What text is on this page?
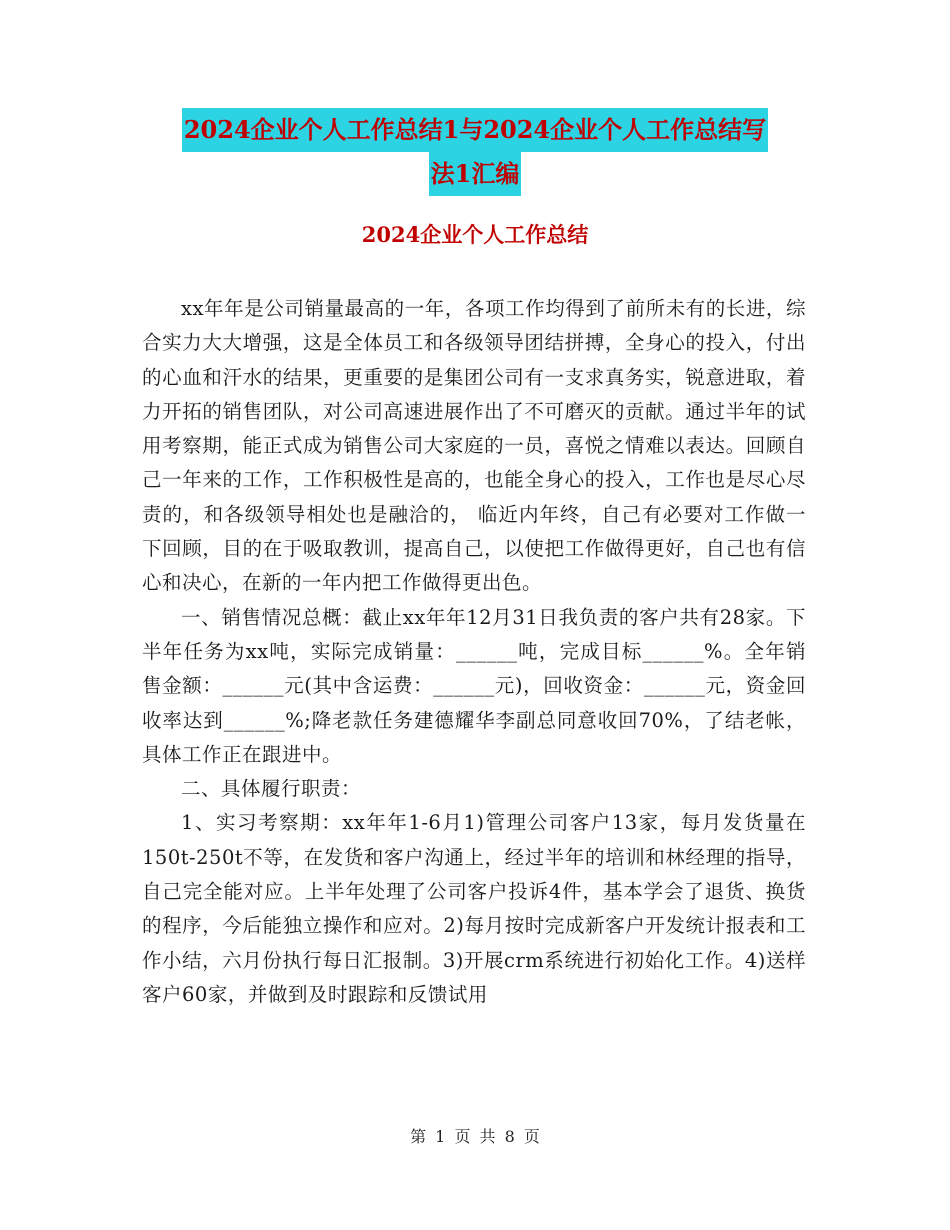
2024企业个人工作总结1与2024企业个人工作总结写
法1汇编
2024企业个人工作总结

xx年年是公司销量最高的一年，各项工作均得到了前所未有的长进，综合实力大大增强，这是全体员工和各级领导团结拼搏，全身心的投入，付出的心血和汗水的结果，更重要的是集团公司有一支求真务实，锐意进取，着力开拓的销售团队，对公司高速进展作出了不可磨灭的贡献。通过半年的试用考察期，能正式成为销售公司大家庭的一员，喜悦之情难以表达。回顾自己一年来的工作，工作积极性是高的，也能全身心的投入，工作也是尽心尽责的，和各级领导相处也是融洽的， 临近内年终，自己有必要对工作做一下回顾，目的在于吸取教训，提高自己，以使把工作做得更好，自己也有信心和决心，在新的一年内把工作做得更出色。

一、销售情况总概：截止xx年年12月31日我负责的客户共有28家。下半年任务为xx吨，实际完成销量：______吨，完成目标______%。全年销售金额：______元(其中含运费：______元)，回收资金：______元，资金回收率达到______%;降老款任务建德耀华李副总同意收回70%，了结老帐，具体工作正在跟进中。

二、具体履行职责：

1、实习考察期：xx年年1-6月1)管理公司客户13家，每月发货量在150t-250t不等，在发货和客户沟通上，经过半年的培训和林经理的指导，自己完全能对应。上半年处理了公司客户投诉4件，基本学会了退货、换货的程序，今后能独立操作和应对。2)每月按时完成新客户开发统计报表和工作小结，六月份执行每日汇报制。3)开展crm系统进行初始化工作。4)送样客户60家，并做到及时跟踪和反馈试用

第 1 页 共 8 页
